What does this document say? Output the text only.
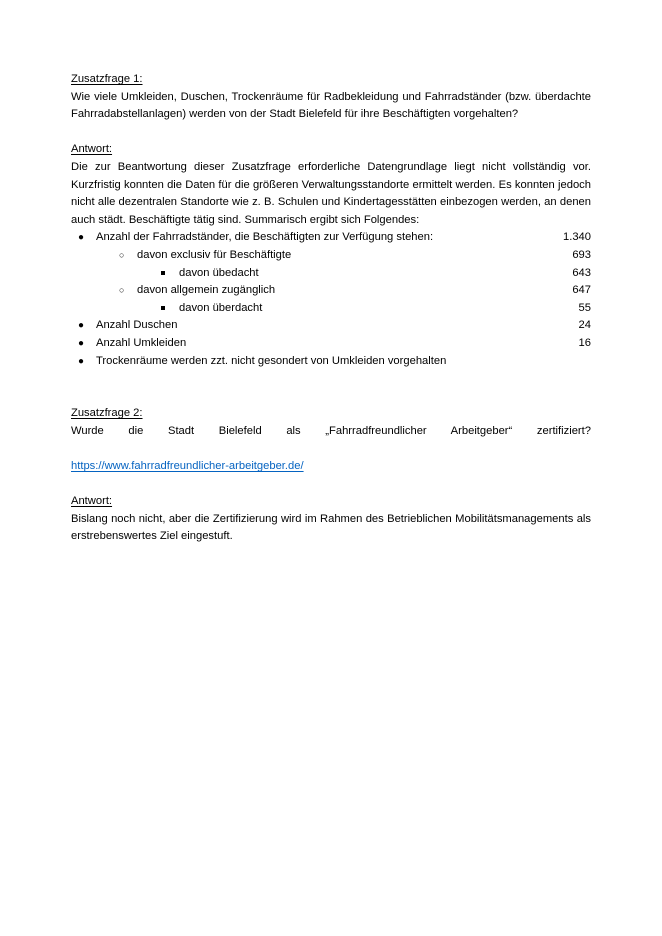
Zusatzfrage 1:
Wie viele Umkleiden, Duschen, Trockenräume für Radbekleidung und Fahrradständer (bzw. überdachte Fahrradabstellanlagen) werden von der Stadt Bielefeld für ihre Beschäftigten vorgehalten?
Antwort:
Die zur Beantwortung dieser Zusatzfrage erforderliche Datengrundlage liegt nicht vollständig vor. Kurzfristig konnten die Daten für die größeren Verwaltungsstandorte ermittelt werden. Es konnten jedoch nicht alle dezentralen Standorte wie z. B. Schulen und Kindertagesstätten einbezogen werden, an denen auch städt. Beschäftigte tätig sind. Summarisch ergibt sich Folgendes:
● Anzahl der Fahrradständer, die Beschäftigten zur Verfügung stehen:	1.340
○ davon exclusiv für Beschäftigte	693
davon übedacht	643
○ davon allgemein zugänglich	647
davon überdacht	55
● Anzahl Duschen	24
● Anzahl Umkleiden	16
● Trockenräume werden zzt. nicht gesondert von Umkleiden vorgehalten
Zusatzfrage 2:
Wurde die Stadt Bielefeld als „Fahrradfreundlicher Arbeitgeber“ zertifiziert?
https://www.fahrradfreundlicher-arbeitgeber.de/
Antwort:
Bislang noch nicht, aber die Zertifizierung wird im Rahmen des Betrieblichen Mobilitätsmanagements als erstrebenswertes Ziel eingestuft.
